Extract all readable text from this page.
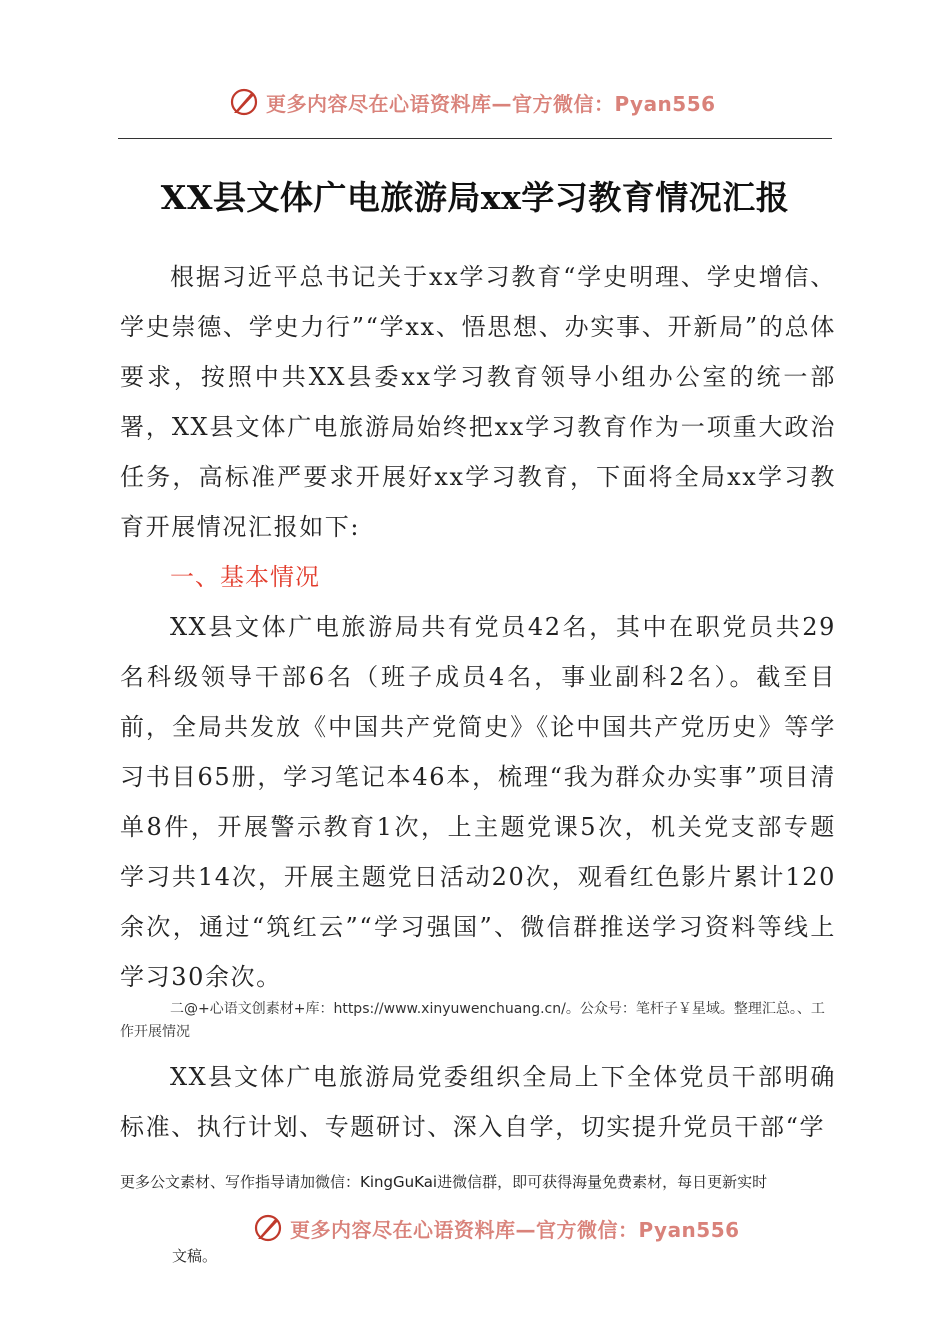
更多内容尽在心语资料库—官方微信：Pyan556
XX县文体广电旅游局xx学习教育情况汇报
根据习近平总书记关于xx学习教育“学史明理、学史增信、学史崇德、学史力行”“学xx、悟思想、办实事、开新局”的总体要求，按照中共XX县委xx学习教育领导小组办公室的统一部署，XX县文体广电旅游局始终把xx学习教育作为一项重大政治任务，高标准严要求开展好xx学习教育，下面将全局xx学习教育开展情况汇报如下:
一、基本情况
XX县文体广电旅游局共有党员42名，其中在职党员共29名科级领导干部6名（班子成员4名，事业副科2名）。截至目前，全局共发放《中国共产党简史》《论中国共产党历史》等学习书目65册，学习笔记本46本，梳理“我为群众办实事”项目清单8件，开展警示教育1次，上主题党课5次，机关党支部专题学习共14次，开展主题党日活动20次，观看红色影片累计120余次，通过“筑红云”“学习强国”、微信群推送学习资料等线上学习30余次。
二@+心语文创素材+库：https://www.xinyuwenchuang.cn/。公众号：笔杆子￥星域。整理汇总。、工作开展情况
XX县文体广电旅游局党委组织全局上下全体党员干部明确标准、执行计划、专题研讨、深入自学，切实提升党员干部“学
更多公文素材、写作指导请加微信：KingGuKai进微信群，即可获得海量免费素材，每日更新实时
更多内容尽在心语资料库—官方微信：Pyan556
文稿。
